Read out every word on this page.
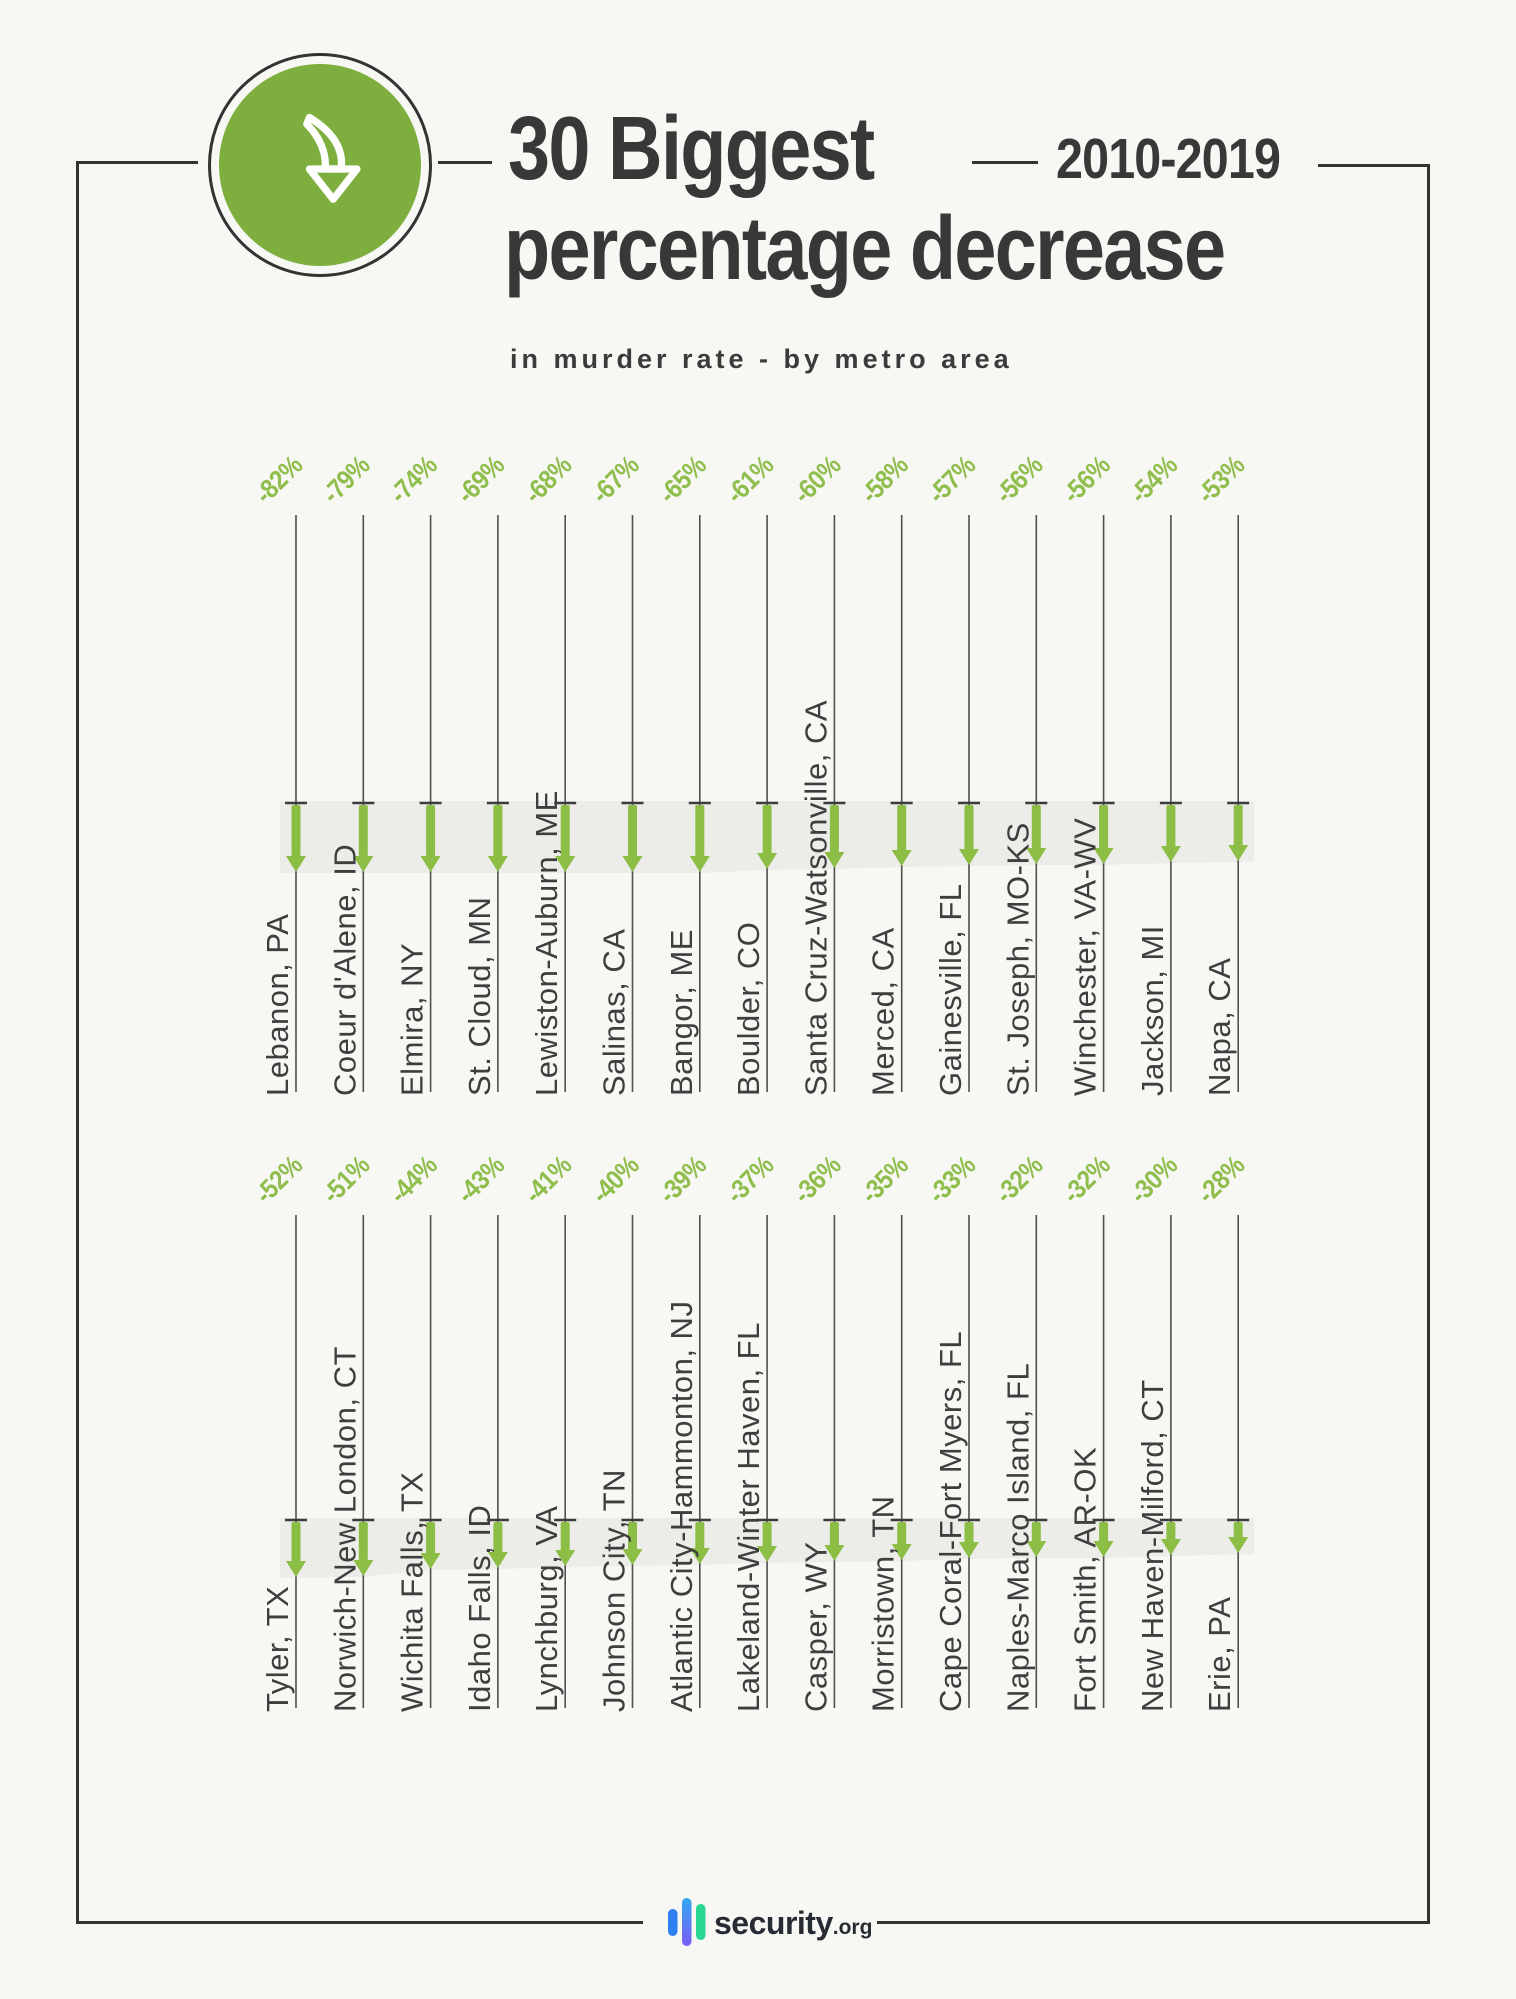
30 Biggest
percentage decrease
2010-2019
in murder rate - by metro area
-82%
Lebanon, PA
-79%
Coeur d'Alene, ID
-74%
Elmira, NY
-69%
St. Cloud, MN
-68%
Lewiston-Auburn, ME
-67%
Salinas, CA
-65%
Bangor, ME
-61%
Boulder, CO
-60%
Santa Cruz-Watsonville, CA
-58%
Merced, CA
-57%
Gainesville, FL
-56%
St. Joseph, MO-KS
-56%
Winchester, VA-WV
-54%
Jackson, MI
-53%
Napa, CA
-52%
Tyler, TX
-51%
Norwich-New London, CT
-44%
Wichita Falls, TX
-43%
Idaho Falls, ID
-41%
Lynchburg, VA
-40%
Johnson City, TN
-39%
Atlantic City-Hammonton, NJ
-37%
Lakeland-Winter Haven, FL
-36%
Casper, WY
-35%
Morristown, TN
-33%
Cape Coral-Fort Myers, FL
-32%
Naples-Marco Island, FL
-32%
Fort Smith, AR-OK
-30%
New Haven-Milford, CT
-28%
Erie, PA
security.org
